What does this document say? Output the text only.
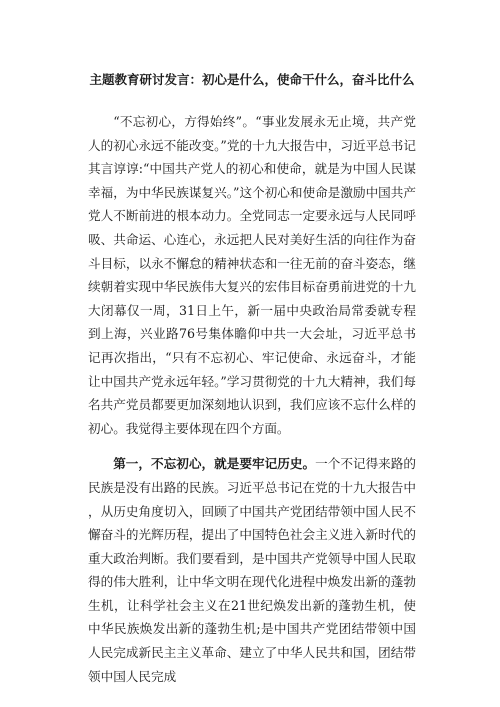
主题教育研讨发言：初心是什么，使命干什么，奋斗比什么

“不忘初心，方得始终”。“事业发展永无止境，共产党人的初心永远不能改变。”党的十九大报告中，习近平总书记其言谆谆:“中国共产党人的初心和使命，就是为中国人民谋幸福，为中华民族谋复兴。”这个初心和使命是激励中国共产党人不断前进的根本动力。全党同志一定要永远与人民同呼吸、共命运、心连心，永远把人民对美好生活的向往作为奋斗目标，以永不懈怠的精神状态和一往无前的奋斗姿态，继续朝着实现中华民族伟大复兴的宏伟目标奋勇前进党的十九大闭幕仅一周，31日上午，新一届中央政治局常委就专程到上海，兴业路76号集体瞻仰中共一大会址，习近平总书记再次指出，“只有不忘初心、牢记使命、永远奋斗，才能让中国共产党永远年轻。”学习贯彻党的十九大精神，我们每名共产党员都要更加深刻地认识到，我们应该不忘什么样的初心。我觉得主要体现在四个方面。

第一，不忘初心，就是要牢记历史。一个不记得来路的民族是没有出路的民族。习近平总书记在党的十九大报告中，从历史角度切入，回顾了中国共产党团结带领中国人民不懈奋斗的光辉历程，提出了中国特色社会主义进入新时代的重大政治判断。我们要看到，是中国共产党领导中国人民取得的伟大胜利，让中华文明在现代化进程中焕发出新的蓬勃生机，让科学社会主义在21世纪焕发出新的蓬勃生机，使中华民族焕发出新的蓬勃生机;是中国共产党团结带领中国人民完成新民主主义革命、建立了中华人民共和国，团结带领中国人民完成
